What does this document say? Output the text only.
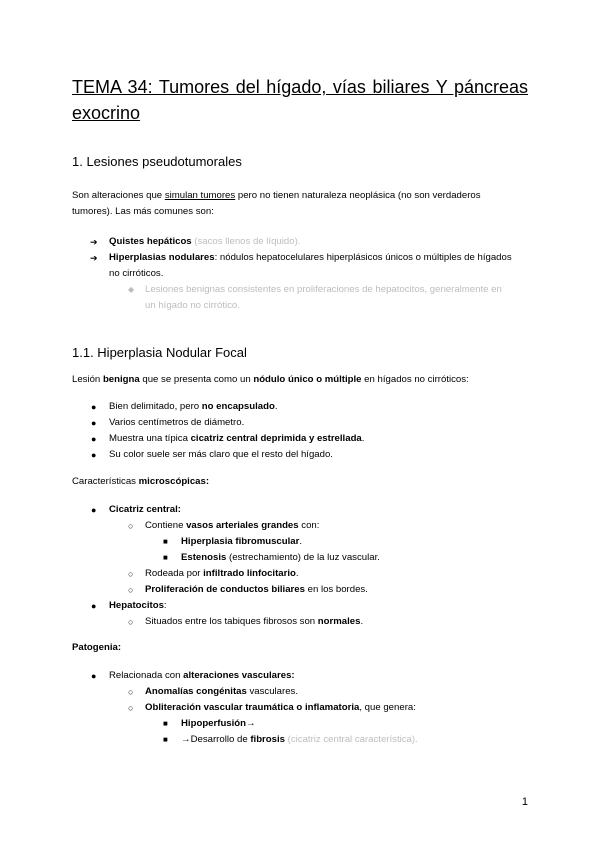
TEMA 34: Tumores del hígado, vías biliares Y páncreas
exocrino
1. Lesiones pseudotumorales
Son alteraciones que simulan tumores pero no tienen naturaleza neoplásica (no son verdaderos
tumores). Las más comunes son:
➔ Quistes hepáticos (sacos llenos de líquido).
➔ Hiperplasias nodulares: nódulos hepatocelulares hiperplásicos únicos o múltiples de hígados
no cirróticos.
◆ Lesiones benignas consistentes en proliferaciones de hepatocitos, generalmente en
un hígado no cirrótico.
1.1. Hiperplasia Nodular Focal
Lesión benigna que se presenta como un nódulo único o múltiple en hígados no cirróticos:
● Bien delimitado, pero no encapsulado.
● Varios centímetros de diámetro.
● Muestra una típica cicatriz central deprimida y estrellada.
● Su color suele ser más claro que el resto del hígado.
Características microscópicas:
● Cicatriz central:
○ Contiene vasos arteriales grandes con:
■ Hiperplasia fibromuscular.
■ Estenosis (estrechamiento) de la luz vascular.
○ Rodeada por infiltrado linfocitario.
○ Proliferación de conductos biliares en los bordes.
● Hepatocitos:
○ Situados entre los tabiques fibrosos son normales.
Patogenia:
● Relacionada con alteraciones vasculares:
○ Anomalías congénitas vasculares.
○ Obliteración vascular traumática o inflamatoria, que genera:
■ Hipoperfusión→
■ →Desarrollo de fibrosis (cicatriz central característica).
1
